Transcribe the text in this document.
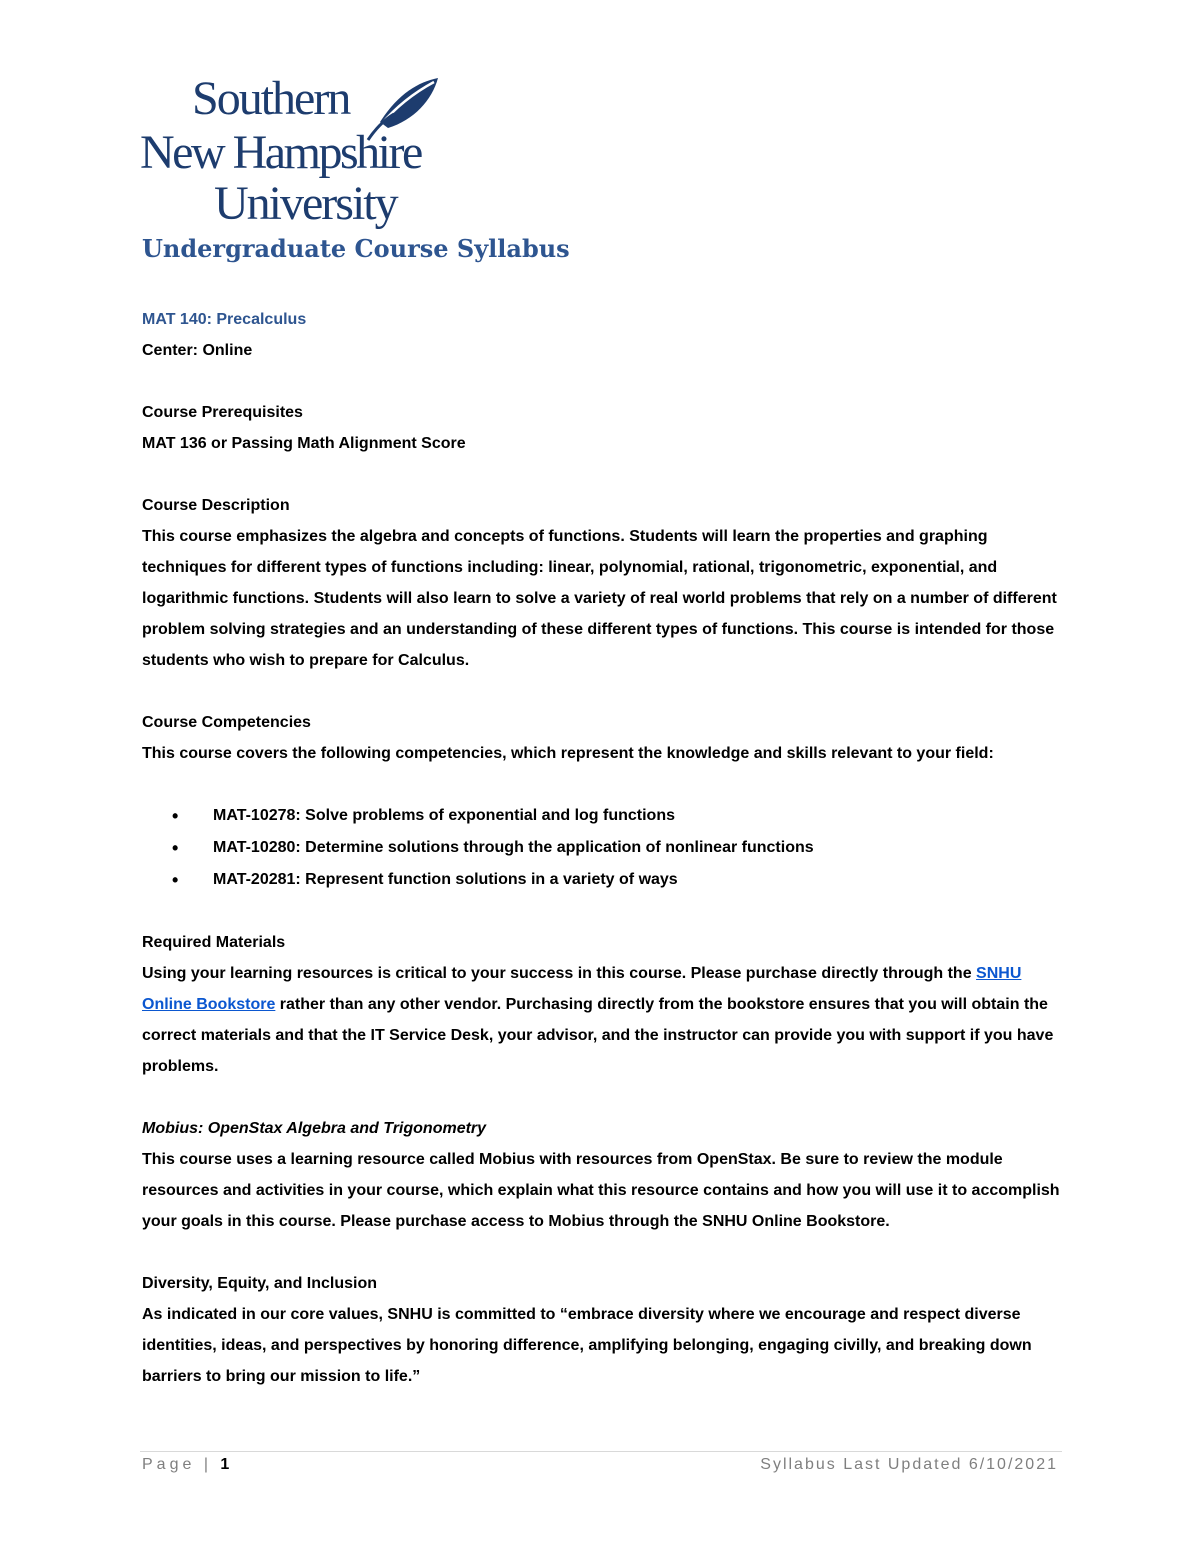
Southern
New Hampshire
University
Undergraduate Course Syllabus

MAT 140: Precalculus

Center: Online

Course Prerequisites

MAT 136 or Passing Math Alignment Score

Course Description

This course emphasizes the algebra and concepts of functions. Students will learn the properties and graphing techniques for different types of functions including: linear, polynomial, rational, trigonometric, exponential, and logarithmic functions. Students will also learn to solve a variety of real world problems that rely on a number of different problem solving strategies and an understanding of these different types of functions. This course is intended for those students who wish to prepare for Calculus.

Course Competencies

This course covers the following competencies, which represent the knowledge and skills relevant to your field:

• MAT-10278: Solve problems of exponential and log functions
• MAT-10280: Determine solutions through the application of nonlinear functions
• MAT-20281: Represent function solutions in a variety of ways

Required Materials

Using your learning resources is critical to your success in this course. Please purchase directly through the SNHU Online Bookstore rather than any other vendor. Purchasing directly from the bookstore ensures that you will obtain the correct materials and that the IT Service Desk, your advisor, and the instructor can provide you with support if you have problems.

Mobius: OpenStax Algebra and Trigonometry

This course uses a learning resource called Mobius with resources from OpenStax. Be sure to review the module resources and activities in your course, which explain what this resource contains and how you will use it to accomplish your goals in this course. Please purchase access to Mobius through the SNHU Online Bookstore.

Diversity, Equity, and Inclusion

As indicated in our core values, SNHU is committed to “embrace diversity where we encourage and respect diverse identities, ideas, and perspectives by honoring difference, amplifying belonging, engaging civilly, and breaking down barriers to bring our mission to life.”

Page | 1	Syllabus Last Updated 6/10/2021
